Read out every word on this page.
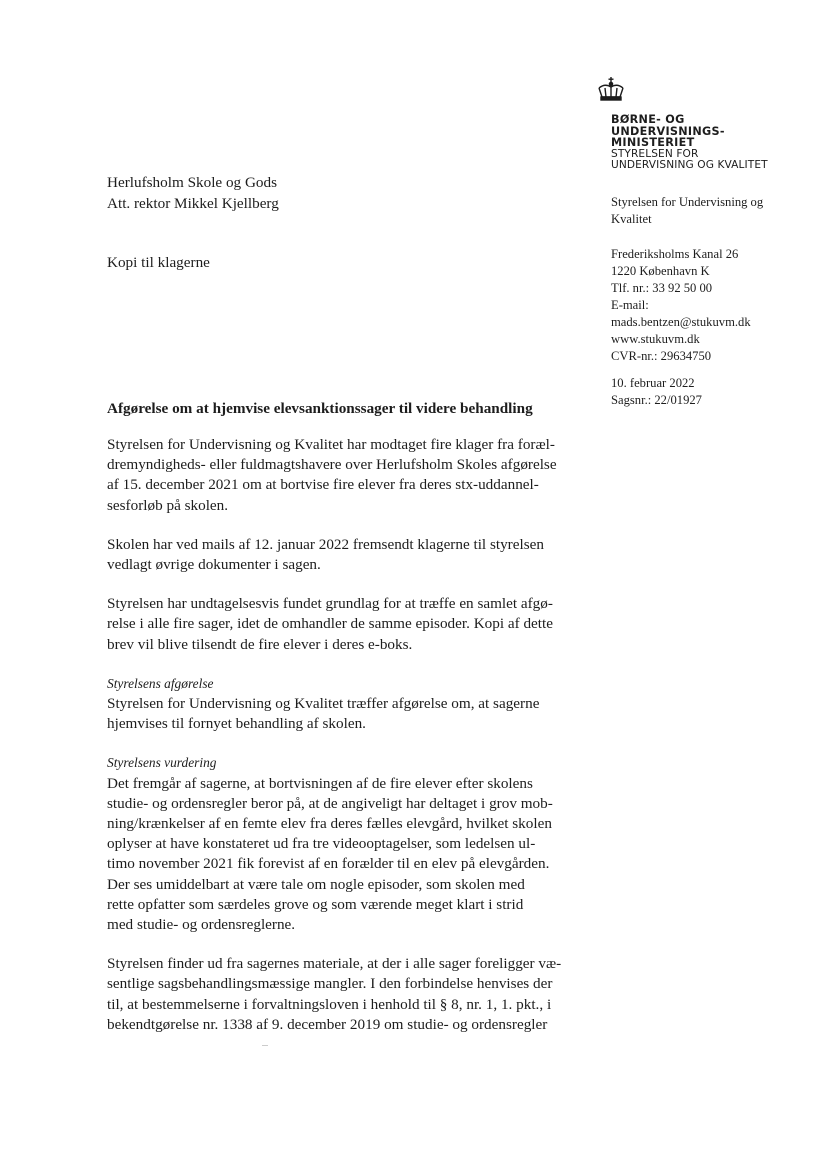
BØRNE- OG
UNDERVISNINGS-
MINISTERIET
STYRELSEN FOR
UNDERVISNING OG KVALITET
Herlufsholm Skole og Gods
Att. rektor Mikkel Kjellberg
Kopi til klagerne
Styrelsen for Undervisning og
Kvalitet
Frederiksholms Kanal 26
1220 København K
Tlf. nr.: 33 92 50 00
E-mail:
mads.bentzen@stukuvm.dk
www.stukuvm.dk
CVR-nr.: 29634750
10. februar 2022
Sagsnr.: 22/01927
Afgørelse om at hjemvise elevsanktionssager til videre behandling

Styrelsen for Undervisning og Kvalitet har modtaget fire klager fra foræl-
dremyndigheds- eller fuldmagtshavere over Herlufsholm Skoles afgørelse
af 15. december 2021 om at bortvise fire elever fra deres stx-uddannel-
sesforløb på skolen.

Skolen har ved mails af 12. januar 2022 fremsendt klagerne til styrelsen
vedlagt øvrige dokumenter i sagen.

Styrelsen har undtagelsesvis fundet grundlag for at træffe en samlet afgø-
relse i alle fire sager, idet de omhandler de samme episoder. Kopi af dette
brev vil blive tilsendt de fire elever i deres e-boks.

Styrelsens afgørelse
Styrelsen for Undervisning og Kvalitet træffer afgørelse om, at sagerne
hjemvises til fornyet behandling af skolen.

Styrelsens vurdering
Det fremgår af sagerne, at bortvisningen af de fire elever efter skolens
studie- og ordensregler beror på, at de angiveligt har deltaget i grov mob-
ning/krænkelser af en femte elev fra deres fælles elevgård, hvilket skolen
oplyser at have konstateret ud fra tre videooptagelser, som ledelsen ul-
timo november 2021 fik forevist af en forælder til en elev på elevgården.
Der ses umiddelbart at være tale om nogle episoder, som skolen med
rette opfatter som særdeles grove og som værende meget klart i strid
med studie- og ordensreglerne.

Styrelsen finder ud fra sagernes materiale, at der i alle sager foreligger væ-
sentlige sagsbehandlingsmæssige mangler. I den forbindelse henvises der
til, at bestemmelserne i forvaltningsloven i henhold til § 8, nr. 1, 1. pkt., i
bekendtgørelse nr. 1338 af 9. december 2019 om studie- og ordensregler
